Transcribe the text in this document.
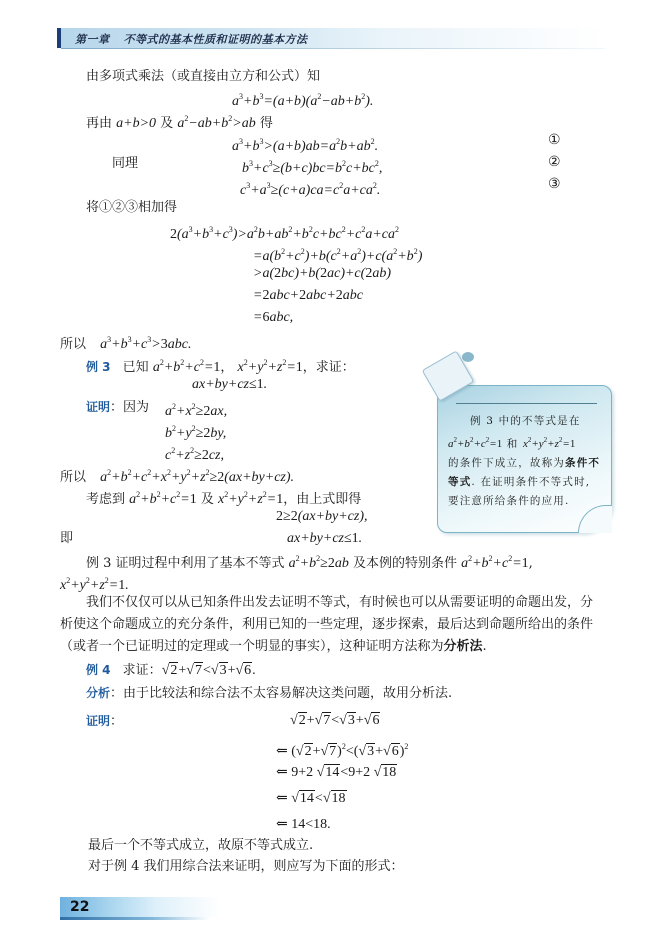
第一章 不等式的基本性质和证明的基本方法
由多项式乘法（或直接由立方和公式）知
$a^3+b^3=(a+b)(a^2-ab+b^2)$.
再由 a+b>0 及 $a^2-ab+b^2>ab$ 得
$a^3+b^3>(a+b)ab=a^2b+ab^2$.	①
同理	$b^3+c^3\ge(b+c)bc=b^2c+bc^2$,	②
$c^3+a^3\ge(c+a)ca=c^2a+ca^2$.	③
将①②③相加得
$2(a^3+b^3+c^3)>a^2b+ab^2+b^2c+bc^2+c^2a+ca^2$
$=a(b^2+c^2)+b(c^2+a^2)+c(a^2+b^2)$
>a(2bc)+b(2ac)+c(2ab)
=2abc+2abc+2abc
=6abc,
所以 $a^3+b^3+c^3>3abc$.
例 3 已知 $a^2+b^2+c^2=1$， $x^2+y^2+z^2=1$，求证：
ax+by+cz≤1.
证明：因为 $a^2+x^2\ge 2ax$,
$b^2+y^2\ge 2by$,
$c^2+z^2\ge 2cz$,
所以 $a^2+b^2+c^2+x^2+y^2+z^2\ge 2(ax+by+cz)$.
考虑到 $a^2+b^2+c^2=1$ 及 $x^2+y^2+z^2=1$，由上式即得
2≥2(ax+by+cz),
即	ax+by+cz≤1.
例 3 中的不等式是在
$a^2+b^2+c^2=1$ 和 $x^2+y^2+z^2=1$
的条件下成立，故称为条件不
等式. 在证明条件不等式时,
要注意所给条件的应用.
例 3 证明过程中利用了基本不等式 $a^2+b^2\ge 2ab$ 及本例的特别条件 $a^2+b^2+c^2=1$,
$x^2+y^2+z^2=1$.
我们不仅仅可以从已知条件出发去证明不等式，有时候也可以从需要证明的命题出发，分
析使这个命题成立的充分条件，利用已知的一些定理，逐步探索，最后达到命题所给出的条件
（或者一个已证明过的定理或一个明显的事实），这种证明方法称为分析法.
例 4 求证：√2+√7<√3+√6.
分析：由于比较法和综合法不太容易解决这类问题，故用分析法.
证明：	√2+√7<√3+√6
⇐ $(√2+√7)^2<(√3+√6)^2$
⇐ 9+2 √14<9+2 √18
⇐ √14<√18
⇐ 14<18.
最后一个不等式成立，故原不等式成立.
对于例 4 我们用综合法来证明，则应写为下面的形式：
22
